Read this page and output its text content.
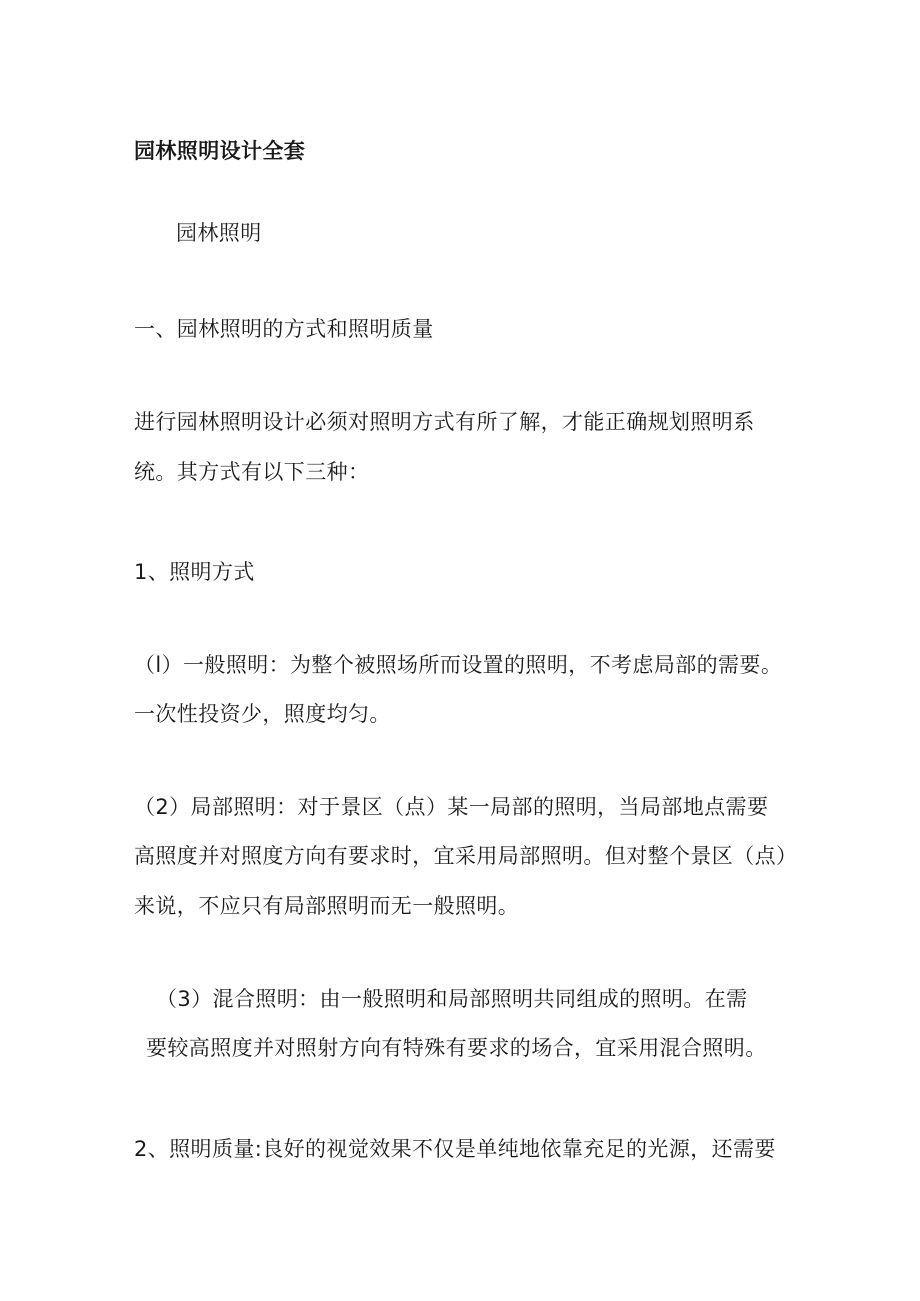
园林照明设计全套
园林照明
一、园林照明的方式和照明质量
进行园林照明设计必须对照明方式有所了解，才能正确规划照明系
统。其方式有以下三种：
1、照明方式
（l）一般照明：为整个被照场所而设置的照明，不考虑局部的需要。
一次性投资少，照度均匀。
（2）局部照明：对于景区（点）某一局部的照明，当局部地点需要
高照度并对照度方向有要求时，宜采用局部照明。但对整个景区（点）
来说，不应只有局部照明而无一般照明。
（3）混合照明：由一般照明和局部照明共同组成的照明。在需
要较高照度并对照射方向有特殊有要求的场合，宜采用混合照明。
2、照明质量:良好的视觉效果不仅是单纯地依靠充足的光源，还需要
